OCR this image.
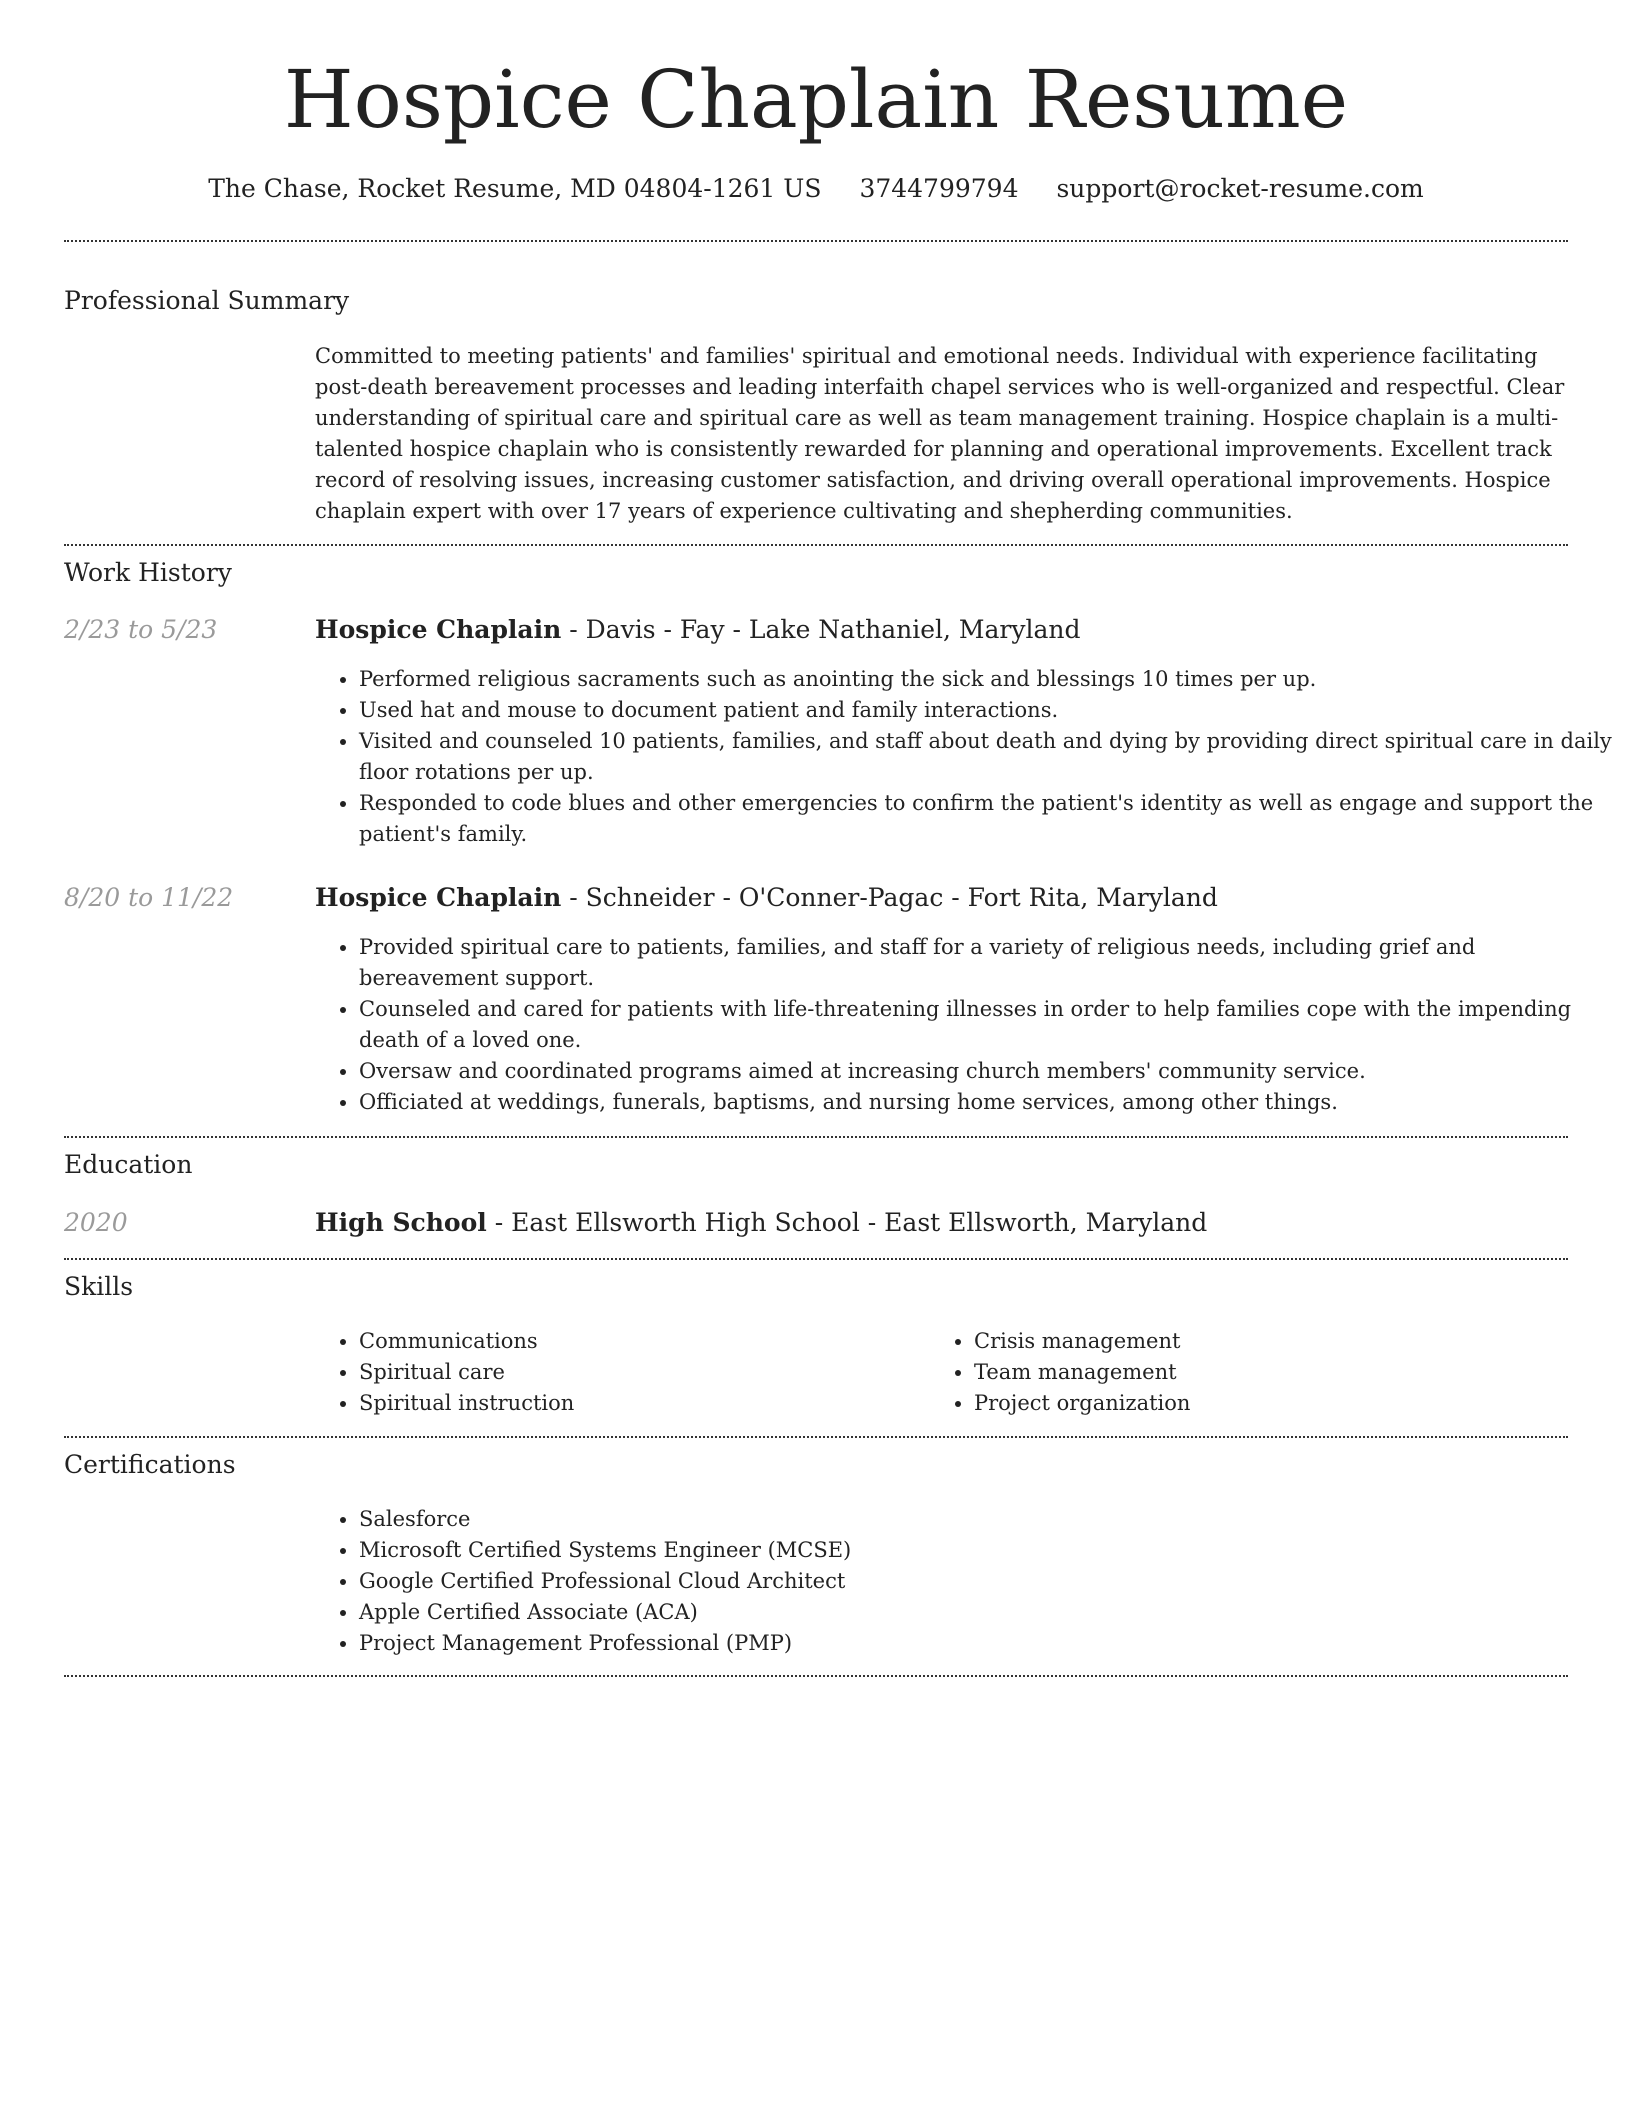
Hospice Chaplain Resume
The Chase, Rocket Resume, MD 04804-1261 US 3744799794 support@rocket-resume.com
Professional Summary

Committed to meeting patients' and families' spiritual and emotional needs. Individual with experience facilitating post-death bereavement processes and leading interfaith chapel services who is well-organized and respectful. Clear understanding of spiritual care and spiritual care as well as team management training. Hospice chaplain is a multi-talented hospice chaplain who is consistently rewarded for planning and operational improvements. Excellent track record of resolving issues, increasing customer satisfaction, and driving overall operational improvements. Hospice chaplain expert with over 17 years of experience cultivating and shepherding communities.

Work History
2/23 to 5/23	Hospice Chaplain - Davis - Fay - Lake Nathaniel, Maryland
• Performed religious sacraments such as anointing the sick and blessings 10 times per up.
• Used hat and mouse to document patient and family interactions.
• Visited and counseled 10 patients, families, and staff about death and dying by providing direct spiritual care in daily floor rotations per up.
• Responded to code blues and other emergencies to confirm the patient's identity as well as engage and support the patient's family.
8/20 to 11/22	Hospice Chaplain - Schneider - O'Conner-Pagac - Fort Rita, Maryland
• Provided spiritual care to patients, families, and staff for a variety of religious needs, including grief and bereavement support.
• Counseled and cared for patients with life-threatening illnesses in order to help families cope with the impending death of a loved one.
• Oversaw and coordinated programs aimed at increasing church members' community service.
• Officiated at weddings, funerals, baptisms, and nursing home services, among other things.
Education
2020	High School - East Ellsworth High School - East Ellsworth, Maryland
Skills
• Communications
• Spiritual care
• Spiritual instruction
• Crisis management
• Team management
• Project organization
Certifications
• Salesforce
• Microsoft Certified Systems Engineer (MCSE)
• Google Certified Professional Cloud Architect
• Apple Certified Associate (ACA)
• Project Management Professional (PMP)
